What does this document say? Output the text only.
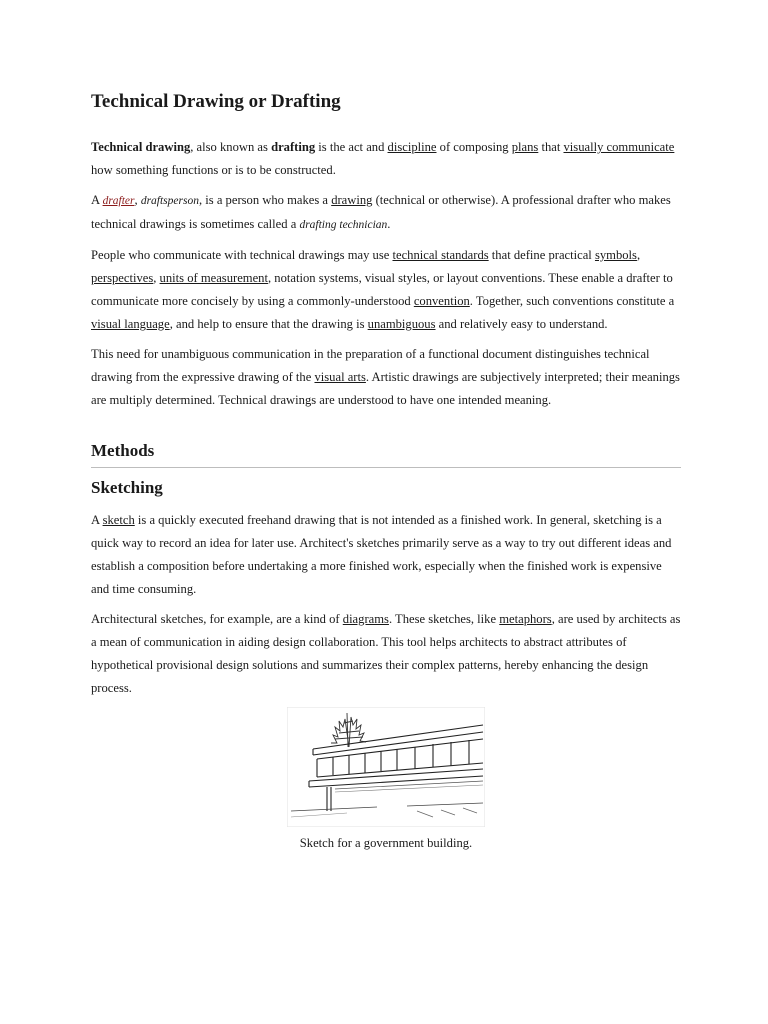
Technical Drawing or Drafting

Technical drawing, also known as drafting is the act and discipline of composing plans that visually communicate how something functions or is to be constructed.

A drafter, draftsperson, is a person who makes a drawing (technical or otherwise). A professional drafter who makes technical drawings is sometimes called a drafting technician.

People who communicate with technical drawings may use technical standards that define practical symbols, perspectives, units of measurement, notation systems, visual styles, or layout conventions. These enable a drafter to communicate more concisely by using a commonly-understood convention. Together, such conventions constitute a visual language, and help to ensure that the drawing is unambiguous and relatively easy to understand.

This need for unambiguous communication in the preparation of a functional document distinguishes technical drawing from the expressive drawing of the visual arts. Artistic drawings are subjectively interpreted; their meanings are multiply determined. Technical drawings are understood to have one intended meaning.

Methods
Sketching

A sketch is a quickly executed freehand drawing that is not intended as a finished work. In general, sketching is a quick way to record an idea for later use. Architect's sketches primarily serve as a way to try out different ideas and establish a composition before undertaking a more finished work, especially when the finished work is expensive and time consuming.

Architectural sketches, for example, are a kind of diagrams. These sketches, like metaphors, are used by architects as a mean of communication in aiding design collaboration. This tool helps architects to abstract attributes of hypothetical provisional design solutions and summarizes their complex patterns, hereby enhancing the design process.

Sketch for a government building.
